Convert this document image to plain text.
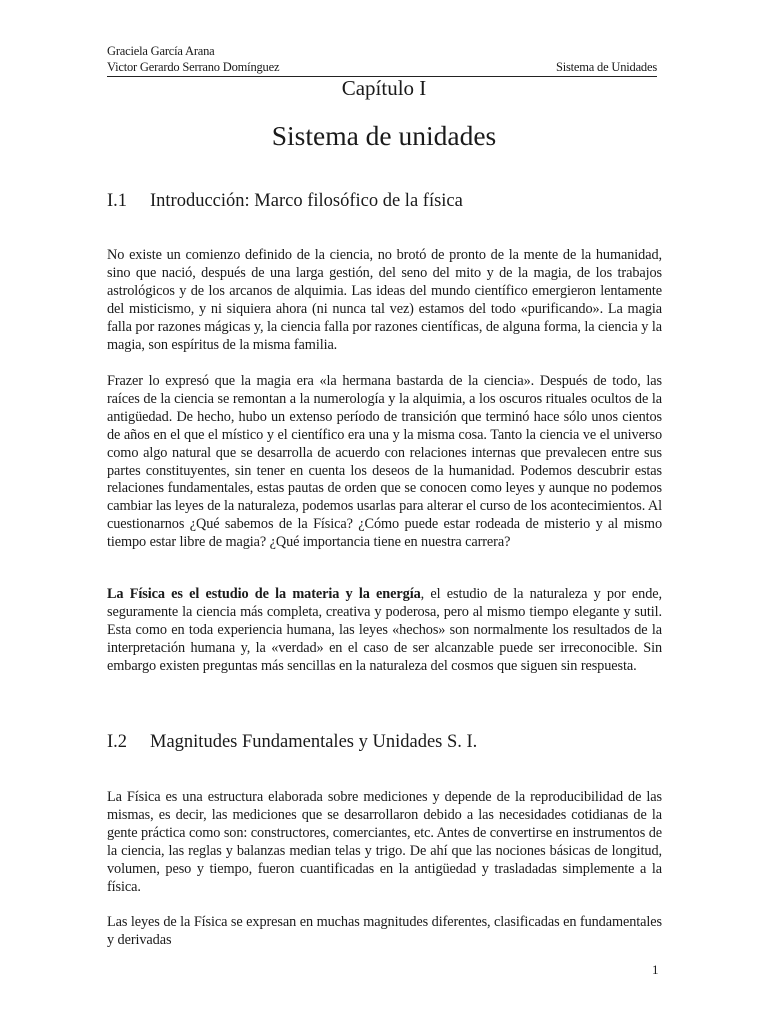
Graciela García Arana
Victor Gerardo Serrano Domínguez	Sistema de Unidades
Capítulo I
Sistema de unidades
I.1	Introducción: Marco filosófico de la física

No existe un comienzo definido de la ciencia, no brotó de pronto de la mente de la humanidad, sino que nació, después de una larga gestión, del seno del mito y de la magia, de los trabajos astrológicos y de los arcanos de alquimia. Las ideas del mundo científico emergieron lentamente del misticismo, y ni siquiera ahora (ni nunca tal vez) estamos del todo «purificando». La magia falla por razones mágicas y, la ciencia falla por razones científicas, de alguna forma, la ciencia y la magia, son espíritus de la misma familia.

Frazer lo expresó que la magia era «la hermana bastarda de la ciencia». Después de todo, las raíces de la ciencia se remontan a la numerología y la alquimia, a los oscuros rituales ocultos de la antigüedad. De hecho, hubo un extenso período de transición que terminó hace sólo unos cientos de años en el que el místico y el científico era una y la misma cosa. Tanto la ciencia ve el universo como algo natural que se desarrolla de acuerdo con relaciones internas que prevalecen entre sus partes constituyentes, sin tener en cuenta los deseos de la humanidad. Podemos descubrir estas relaciones fundamentales, estas pautas de orden que se conocen como leyes y aunque no podemos cambiar las leyes de la naturaleza, podemos usarlas para alterar el curso de los acontecimientos. Al cuestionarnos ¿Qué sabemos de la Física? ¿Cómo puede estar rodeada de misterio y al mismo tiempo estar libre de magia? ¿Qué importancia tiene en nuestra carrera?

La Física es el estudio de la materia y la energía, el estudio de la naturaleza y por ende, seguramente la ciencia más completa, creativa y poderosa, pero al mismo tiempo elegante y sutil. Esta como en toda experiencia humana, las leyes «hechos» son normalmente los resultados de la interpretación humana y, la «verdad» en el caso de ser alcanzable puede ser irreconocible. Sin embargo existen preguntas más sencillas en la naturaleza del cosmos que siguen sin respuesta.

I.2	Magnitudes Fundamentales y Unidades S. I.

La Física es una estructura elaborada sobre mediciones y depende de la reproducibilidad de las mismas, es decir, las mediciones que se desarrollaron debido a las necesidades cotidianas de la gente práctica como son: constructores, comerciantes, etc. Antes de convertirse en instrumentos de la ciencia, las reglas y balanzas median telas y trigo. De ahí que las nociones básicas de longitud, volumen, peso y tiempo, fueron cuantificadas en la antigüedad y trasladadas simplemente a la física.

Las leyes de la Física se expresan en muchas magnitudes diferentes, clasificadas en fundamentales y derivadas

1
